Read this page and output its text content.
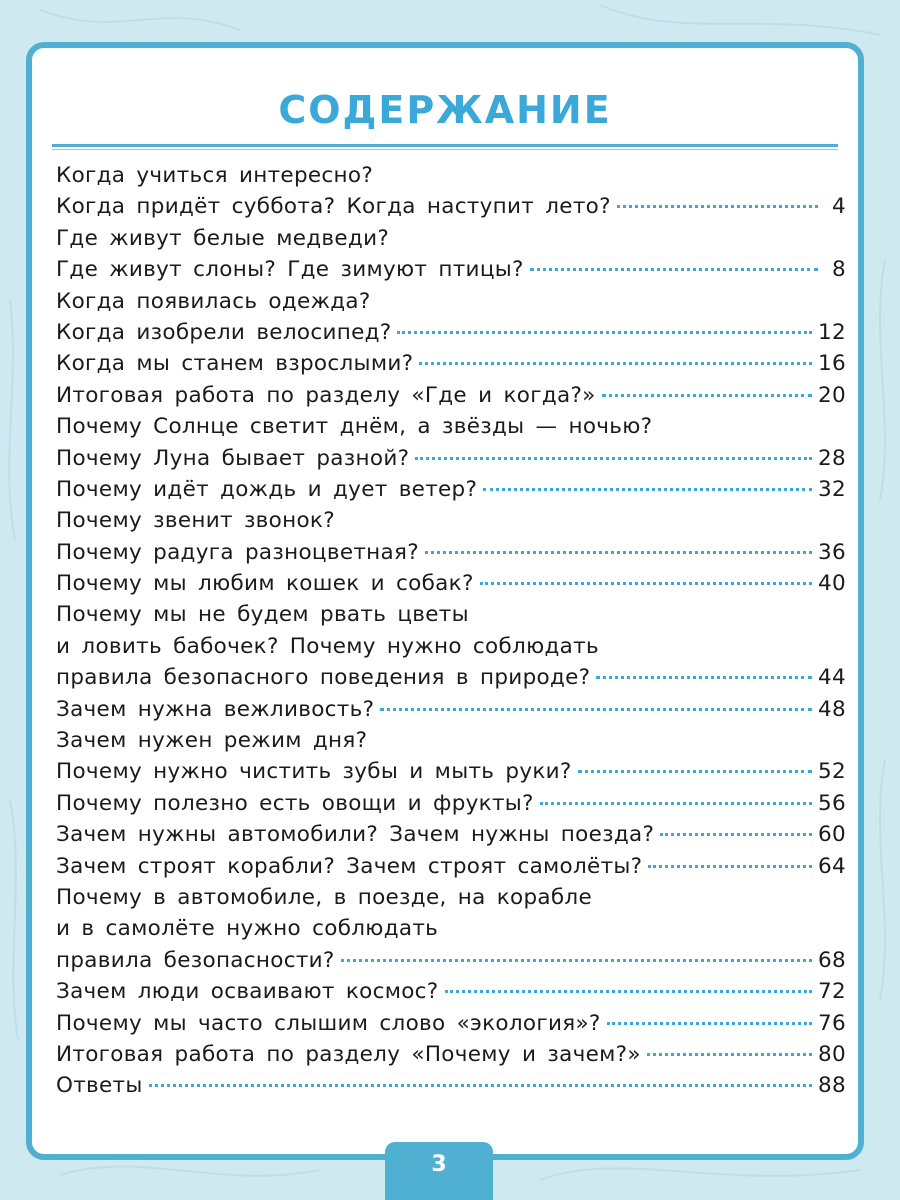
СОДЕРЖАНИЕ
Когда учиться интересно?
Когда придёт суббота? Когда наступит лето?	4
Где живут белые медведи?
Где живут слоны? Где зимуют птицы?	8
Когда появилась одежда?
Когда изобрели велосипед?	12
Когда мы станем взрослыми?	16
Итоговая работа по разделу «Где и когда?»	20
Почему Солнце светит днём, а звёзды — ночью?
Почему Луна бывает разной?	28
Почему идёт дождь и дует ветер?	32
Почему звенит звонок?
Почему радуга разноцветная?	36
Почему мы любим кошек и собак?	40
Почему мы не будем рвать цветы
и ловить бабочек? Почему нужно соблюдать
правила безопасного поведения в природе?	44
Зачем нужна вежливость?	48
Зачем нужен режим дня?
Почему нужно чистить зубы и мыть руки?	52
Почему полезно есть овощи и фрукты?	56
Зачем нужны автомобили? Зачем нужны поезда?	60
Зачем строят корабли? Зачем строят самолёты?	64
Почему в автомобиле, в поезде, на корабле
и в самолёте нужно соблюдать
правила безопасности?	68
Зачем люди осваивают космос?	72
Почему мы часто слышим слово «экология»?	76
Итоговая работа по разделу «Почему и зачем?»	80
Ответы	88
3
